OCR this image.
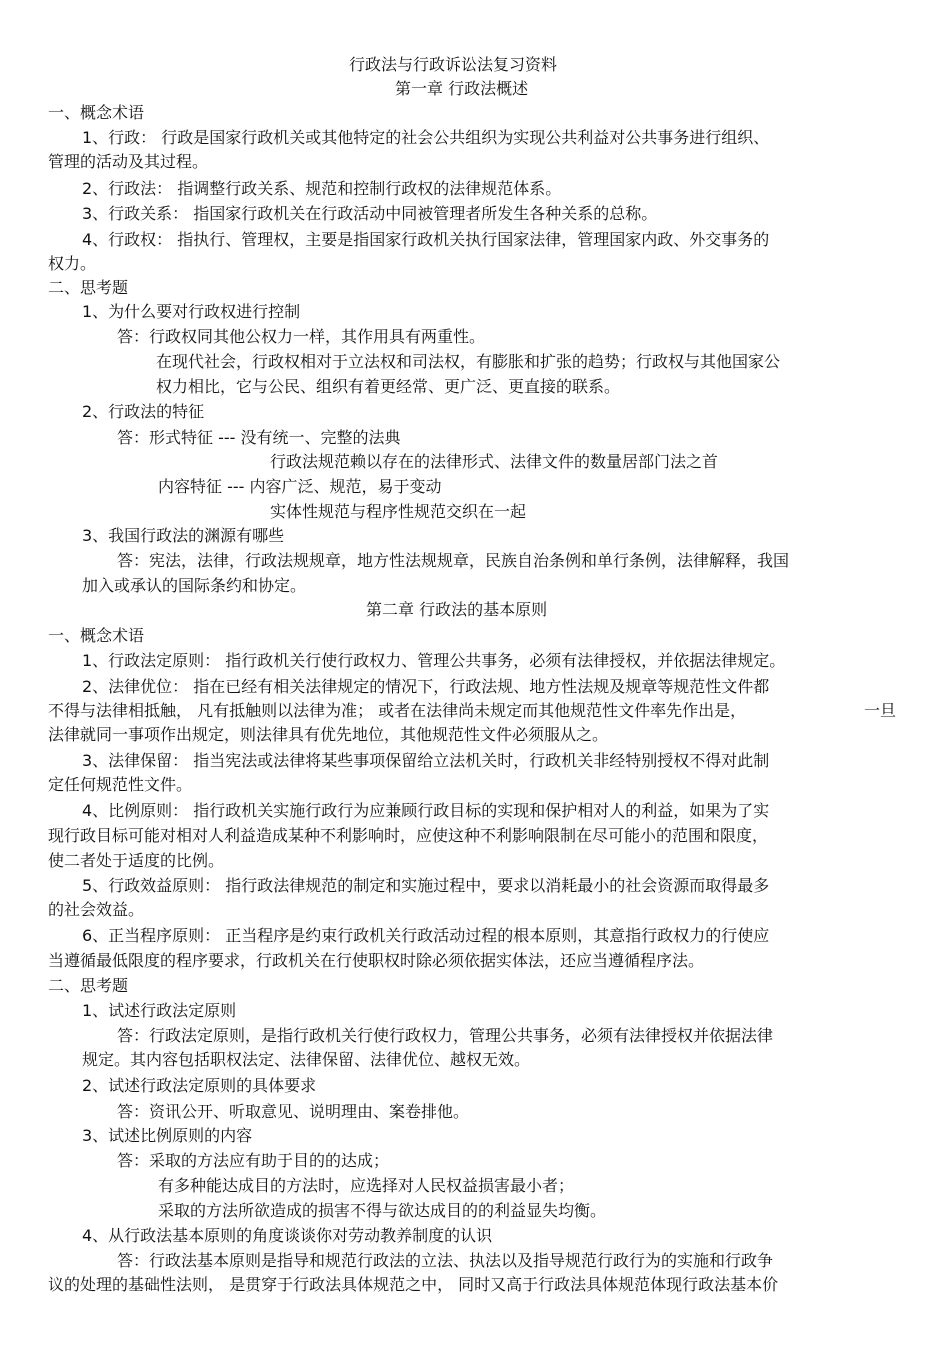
行政法与行政诉讼法复习资料
第一章 行政法概述
一、概念术语
1、行政： 行政是国家行政机关或其他特定的社会公共组织为实现公共利益对公共事务进行组织、
管理的活动及其过程。
2、行政法： 指调整行政关系、规范和控制行政权的法律规范体系。
3、行政关系： 指国家行政机关在行政活动中同被管理者所发生各种关系的总称。
4、行政权： 指执行、管理权，主要是指国家行政机关执行国家法律，管理国家内政、外交事务的
权力。
二、思考题
1、为什么要对行政权进行控制
答：行政权同其他公权力一样，其作用具有两重性。
在现代社会，行政权相对于立法权和司法权，有膨胀和扩张的趋势；行政权与其他国家公
权力相比，它与公民、组织有着更经常、更广泛、更直接的联系。
2、行政法的特征
答：形式特征 --- 没有统一、完整的法典
行政法规范赖以存在的法律形式、法律文件的数量居部门法之首
内容特征 --- 内容广泛、规范，易于变动
实体性规范与程序性规范交织在一起
3、我国行政法的渊源有哪些
答：宪法，法律，行政法规规章，地方性法规规章，民族自治条例和单行条例，法律解释，我国
加入或承认的国际条约和协定。
第二章 行政法的基本原则
一、概念术语
1、行政法定原则： 指行政机关行使行政权力、管理公共事务，必须有法律授权，并依据法律规定。
2、法律优位： 指在已经有相关法律规定的情况下，行政法规、地方性法规及规章等规范性文件都
不得与法律相抵触， 凡有抵触则以法律为准； 或者在法律尚未规定而其他规范性文件率先作出是，	一旦
法律就同一事项作出规定，则法律具有优先地位，其他规范性文件必须服从之。
3、法律保留： 指当宪法或法律将某些事项保留给立法机关时，行政机关非经特别授权不得对此制
定任何规范性文件。
4、比例原则： 指行政机关实施行政行为应兼顾行政目标的实现和保护相对人的利益，如果为了实
现行政目标可能对相对人利益造成某种不利影响时，应使这种不利影响限制在尽可能小的范围和限度，
使二者处于适度的比例。
5、行政效益原则： 指行政法律规范的制定和实施过程中，要求以消耗最小的社会资源而取得最多
的社会效益。
6、正当程序原则： 正当程序是约束行政机关行政活动过程的根本原则，其意指行政权力的行使应
当遵循最低限度的程序要求，行政机关在行使职权时除必须依据实体法，还应当遵循程序法。
二、思考题
1、试述行政法定原则
答：行政法定原则，是指行政机关行使行政权力，管理公共事务，必须有法律授权并依据法律
规定。其内容包括职权法定、法律保留、法律优位、越权无效。
2、试述行政法定原则的具体要求
答：资讯公开、听取意见、说明理由、案卷排他。
3、试述比例原则的内容
答：采取的方法应有助于目的的达成；
有多种能达成目的方法时，应选择对人民权益损害最小者；
采取的方法所欲造成的损害不得与欲达成目的的利益显失均衡。
4、从行政法基本原则的角度谈谈你对劳动教养制度的认识
答：行政法基本原则是指导和规范行政法的立法、执法以及指导规范行政行为的实施和行政争
议的处理的基础性法则， 是贯穿于行政法具体规范之中， 同时又高于行政法具体规范体现行政法基本价
